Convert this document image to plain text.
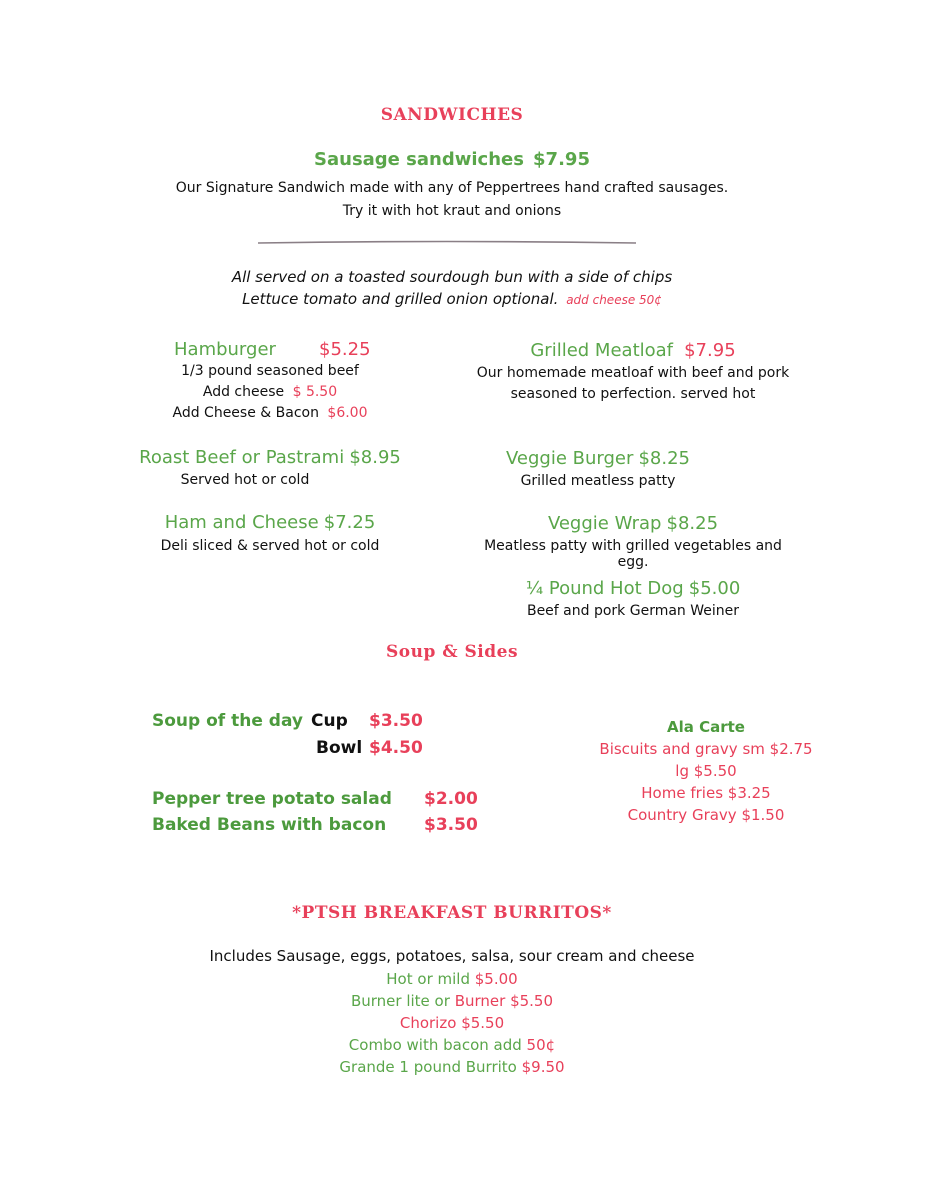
SANDWICHES
Sausage sandwiches $7.95
Our Signature Sandwich made with any of Peppertrees hand crafted sausages.
Try it with hot kraut and onions
All served on a toasted sourdough bun with a side of chips
Lettuce tomato and grilled onion optional. add cheese 50¢
Hamburger $5.25
1/3 pound seasoned beef
Add cheese $ 5.50
Add Cheese & Bacon $6.00
Roast Beef or Pastrami $8.95
Served hot or cold
Ham and Cheese $7.25
Deli sliced & served hot or cold
Grilled Meatloaf $7.95
Our homemade meatloaf with beef and pork
seasoned to perfection. served hot
Veggie Burger $8.25
Grilled meatless patty
Veggie Wrap $8.25
Meatless patty with grilled vegetables and egg.
¼ Pound Hot Dog $5.00
Beef and pork German Weiner
Soup & Sides
Soup of the day Cup $3.50
Bowl $4.50
Pepper tree potato salad $2.00
Baked Beans with bacon $3.50
Ala Carte
Biscuits and gravy sm $2.75
lg $5.50
Home fries $3.25
Country Gravy $1.50
*PTSH BREAKFAST BURRITOS*
Includes Sausage, eggs, potatoes, salsa, sour cream and cheese
Hot or mild $5.00
Burner lite or Burner $5.50
Chorizo $5.50
Combo with bacon add 50¢
Grande 1 pound Burrito $9.50
